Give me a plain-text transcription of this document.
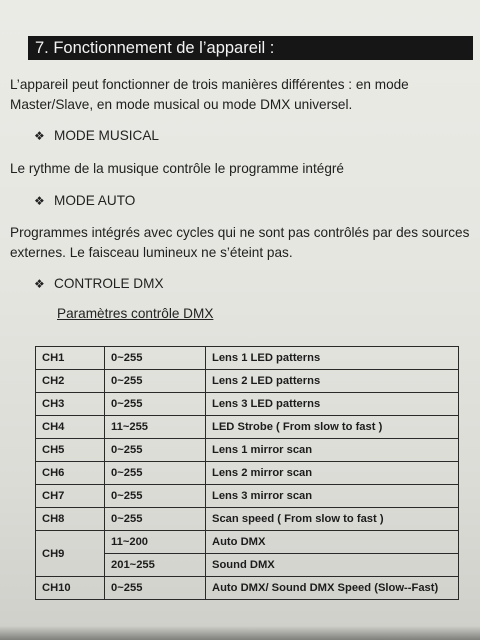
7. Fonctionnement de l’appareil :
L’appareil peut fonctionner de trois manières différentes : en mode Master/Slave, en mode musical ou mode DMX universel.
❖ MODE MUSICAL
Le rythme de la musique contrôle le programme intégré
❖ MODE AUTO
Programmes intégrés avec cycles qui ne sont pas contrôlés par des sources externes. Le faisceau lumineux ne s’éteint pas.
❖ CONTROLE DMX
Paramètres contrôle DMX
CH1	0~255	Lens 1 LED patterns
CH2	0~255	Lens 2 LED patterns
CH3	0~255	Lens 3 LED patterns
CH4	11~255	LED Strobe ( From slow to fast )
CH5	0~255	Lens 1 mirror scan
CH6	0~255	Lens 2 mirror scan
CH7	0~255	Lens 3 mirror scan
CH8	0~255	Scan speed ( From slow to fast )
CH9	11~200	Auto DMX
	201~255	Sound DMX
CH10	0~255	Auto DMX/ Sound DMX Speed (Slow--Fast)
